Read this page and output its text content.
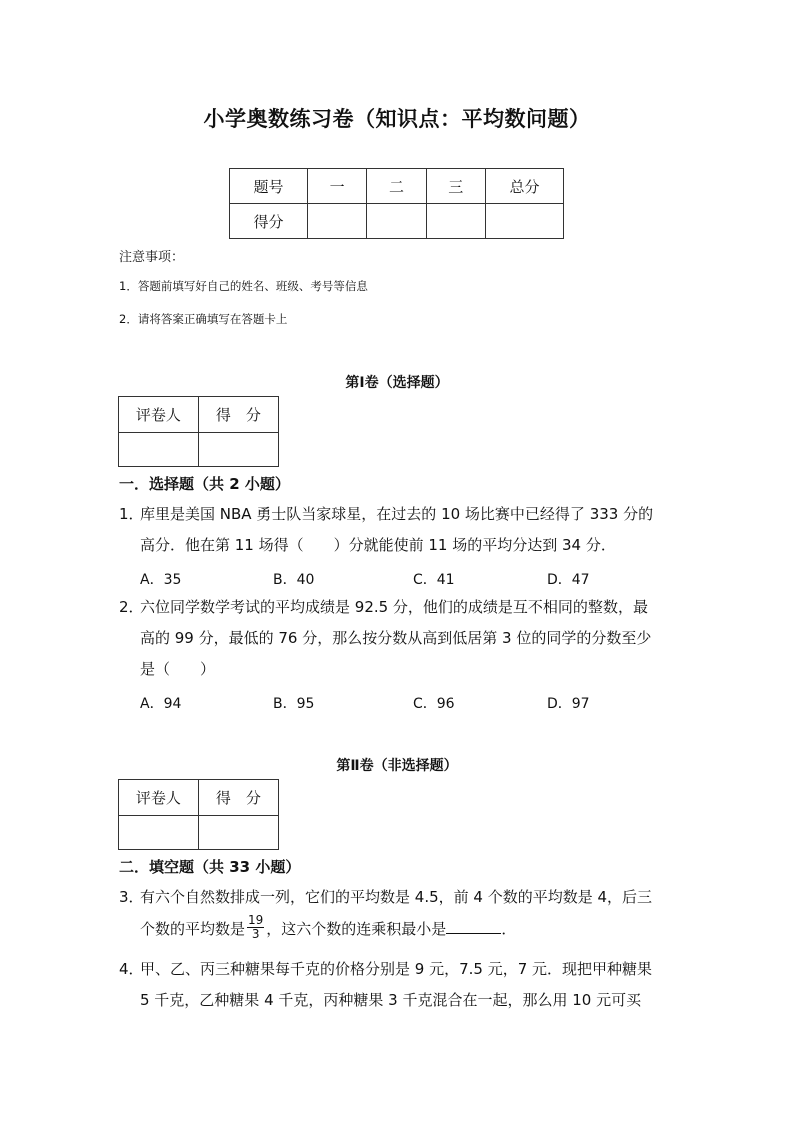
小学奥数练习卷（知识点：平均数问题）
题号	一	二	三	总分
得分				
注意事项：
1．答题前填写好自己的姓名、班级、考号等信息
2．请将答案正确填写在答题卡上
第Ⅰ卷（选择题）
评卷人	得　分

一．选择题（共 2 小题）
1．
库里是美国 NBA 勇士队当家球星，在过去的 10 场比赛中已经得了 333 分的
高分．他在第 11 场得（　　）分就能使前 11 场的平均分达到 34 分．
A．35	B．40	C．41	D．47
2．
六位同学数学考试的平均成绩是 92.5 分，他们的成绩是互不相同的整数，最
高的 99 分，最低的 76 分，那么按分数从高到低居第 3 位的同学的分数至少
是（　　）
A．94	B．95	C．96	D．97
第Ⅱ卷（非选择题）
评卷人	得　分

二．填空题（共 33 小题）
3．
有六个自然数排成一列，它们的平均数是 4.5，前 4 个数的平均数是 4，后三
个数的平均数是 $\frac{19}{3}$ ，这六个数的连乘积最小是	．
4．
甲、乙、丙三种糖果每千克的价格分别是 9 元，7.5 元，7 元．现把甲种糖果
5 千克，乙种糖果 4 千克，丙种糖果 3 千克混合在一起，那么用 10 元可买
